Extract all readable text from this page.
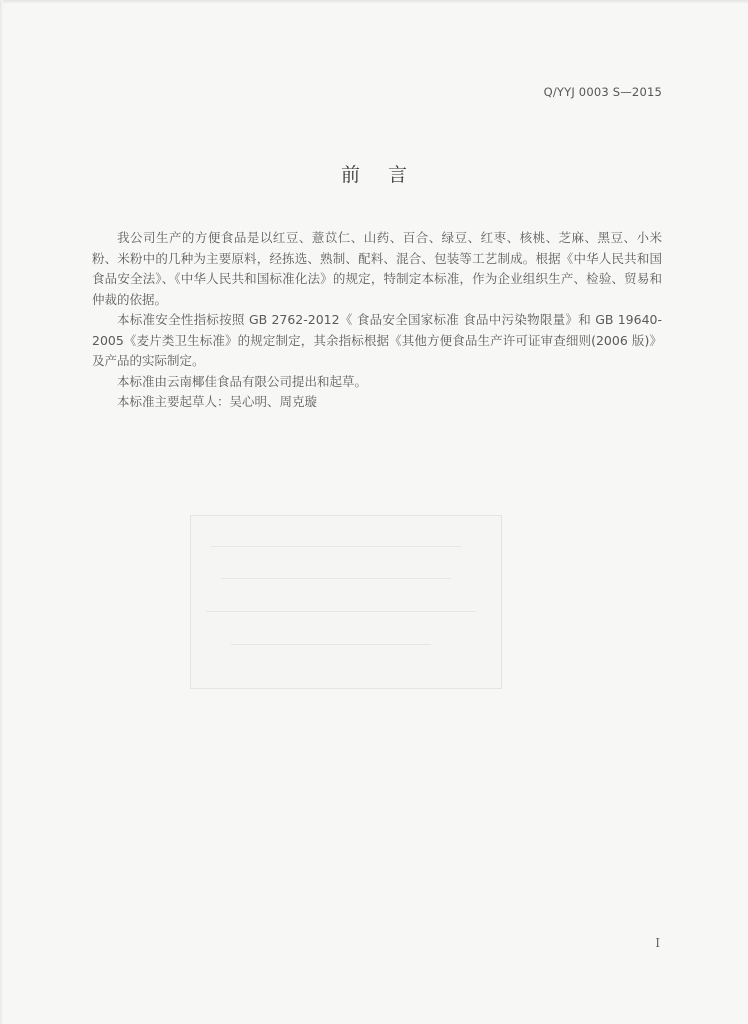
Q/YYJ 0003 S—2015
前 言

我公司生产的方便食品是以红豆、薏苡仁、山药、百合、绿豆、红枣、核桃、芝麻、黑豆、小米粉、米粉中的几种为主要原料，经拣选、熟制、配料、混合、包装等工艺制成。根据《中华人民共和国食品安全法》、《中华人民共和国标准化法》的规定，特制定本标准，作为企业组织生产、检验、贸易和仲裁的依据。

本标准安全性指标按照 GB 2762-2012《 食品安全国家标准 食品中污染物限量》和 GB 19640-2005《麦片类卫生标准》的规定制定，其余指标根据《其他方便食品生产许可证审查细则(2006 版)》及产品的实际制定。

本标准由云南椰佳食品有限公司提出和起草。

本标准主要起草人：吴心明、周克璇

I
